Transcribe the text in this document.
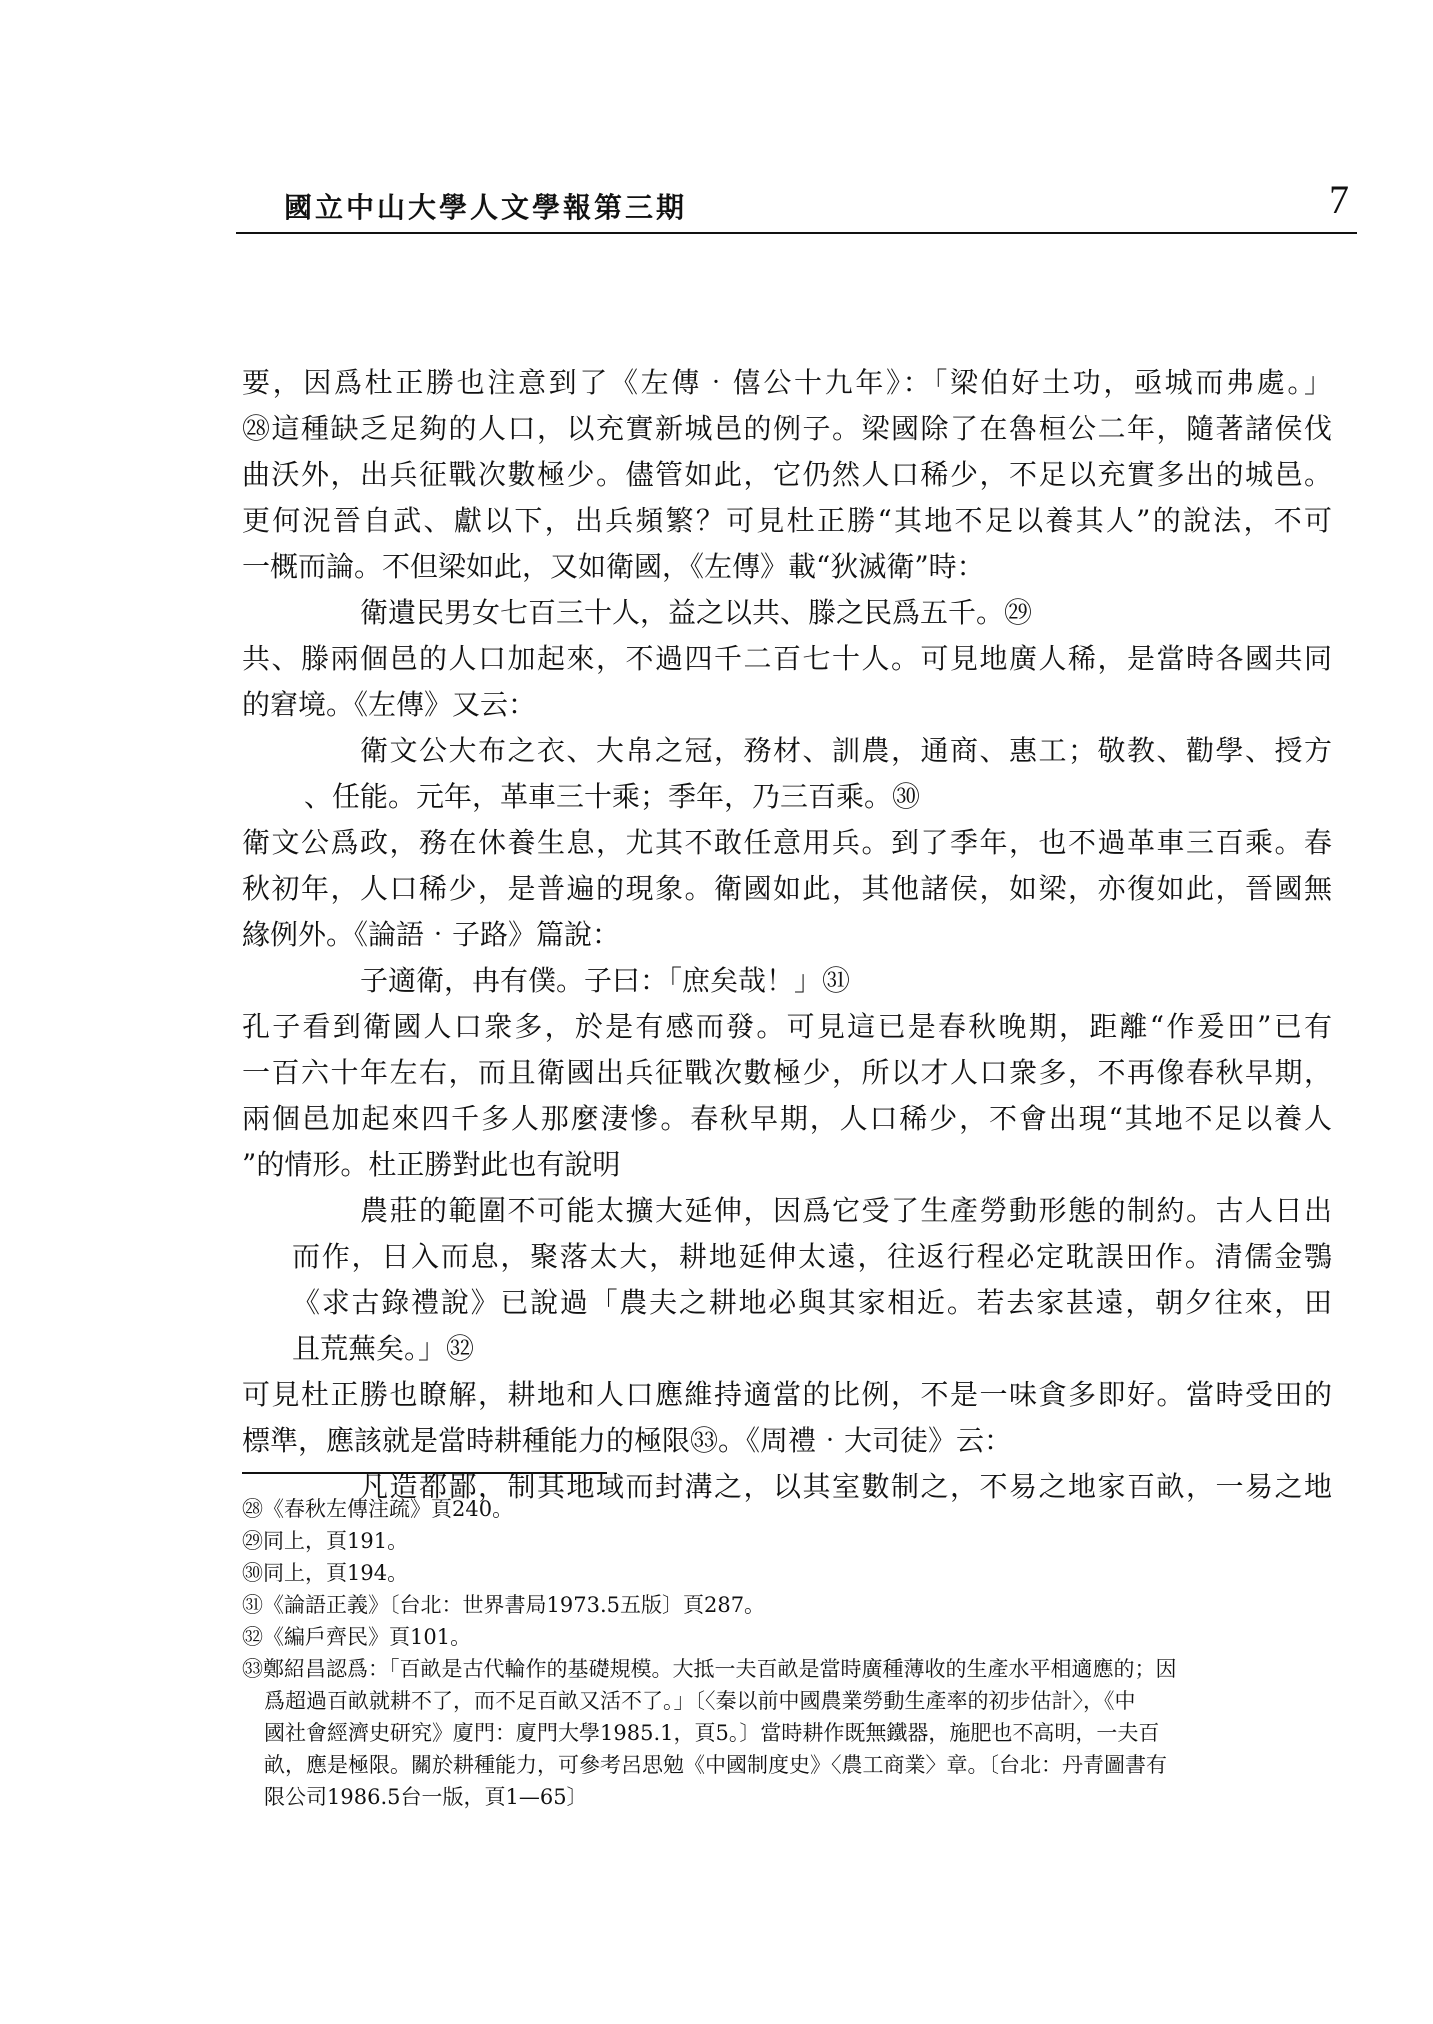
國立中山大學人文學報第三期	7
要，因爲杜正勝也注意到了《左傳‧僖公十九年》：「梁伯好土功，亟城而弗處。」
㉘這種缺乏足夠的人口，以充實新城邑的例子。梁國除了在魯桓公二年，隨著諸侯伐
曲沃外，出兵征戰次數極少。儘管如此，它仍然人口稀少，不足以充實多出的城邑。
更何況晉自武、獻以下，出兵頻繁？可見杜正勝“其地不足以養其人”的說法，不可
一概而論。不但梁如此，又如衛國，《左傳》載“狄滅衛”時：
衛遺民男女七百三十人，益之以共、滕之民爲五千。㉙
共、滕兩個邑的人口加起來，不過四千二百七十人。可見地廣人稀，是當時各國共同
的窘境。《左傳》又云：
衛文公大布之衣、大帛之冠，務材、訓農，通商、惠工；敬教、勸學、授方
、任能。元年，革車三十乘；季年，乃三百乘。㉚
衛文公爲政，務在休養生息，尤其不敢任意用兵。到了季年，也不過革車三百乘。春
秋初年，人口稀少，是普遍的現象。衛國如此，其他諸侯，如梁，亦復如此，晉國無
緣例外。《論語‧子路》篇說：
子適衛，冉有僕。子曰：「庶矣哉！」㉛
孔子看到衛國人口衆多，於是有感而發。可見這已是春秋晚期，距離“作爰田”已有
一百六十年左右，而且衛國出兵征戰次數極少，所以才人口衆多，不再像春秋早期，
兩個邑加起來四千多人那麼淒慘。春秋早期，人口稀少，不會出現“其地不足以養人
”的情形。杜正勝對此也有說明
農莊的範圍不可能太擴大延伸，因爲它受了生產勞動形態的制約。古人日出
而作，日入而息，聚落太大，耕地延伸太遠，往返行程必定耽誤田作。清儒金鶚
《求古錄禮說》已說過「農夫之耕地必與其家相近。若去家甚遠，朝夕往來，田
且荒蕪矣。」㉜
可見杜正勝也瞭解，耕地和人口應維持適當的比例，不是一味貪多即好。當時受田的
標準，應該就是當時耕種能力的極限㉝。《周禮‧大司徒》云：
凡造都鄙，制其地域而封溝之，以其室數制之，不易之地家百畝，一易之地
㉘《春秋左傳注疏》頁240。
㉙同上，頁191。
㉚同上，頁194。
㉛《論語正義》〔台北：世界書局1973.5五版〕頁287。
㉜《編戶齊民》頁101。
㉝鄭紹昌認爲：「百畝是古代輪作的基礎規模。大抵一夫百畝是當時廣種薄收的生產水平相適應的；因
爲超過百畝就耕不了，而不足百畝又活不了。」〔〈秦以前中國農業勞動生產率的初步估計〉，《中
國社會經濟史研究》廈門：廈門大學1985.1，頁5。〕當時耕作既無鐵器，施肥也不高明，一夫百
畝，應是極限。關於耕種能力，可參考呂思勉《中國制度史》〈農工商業〉章。〔台北：丹青圖書有
限公司1986.5台一版，頁1—65〕
